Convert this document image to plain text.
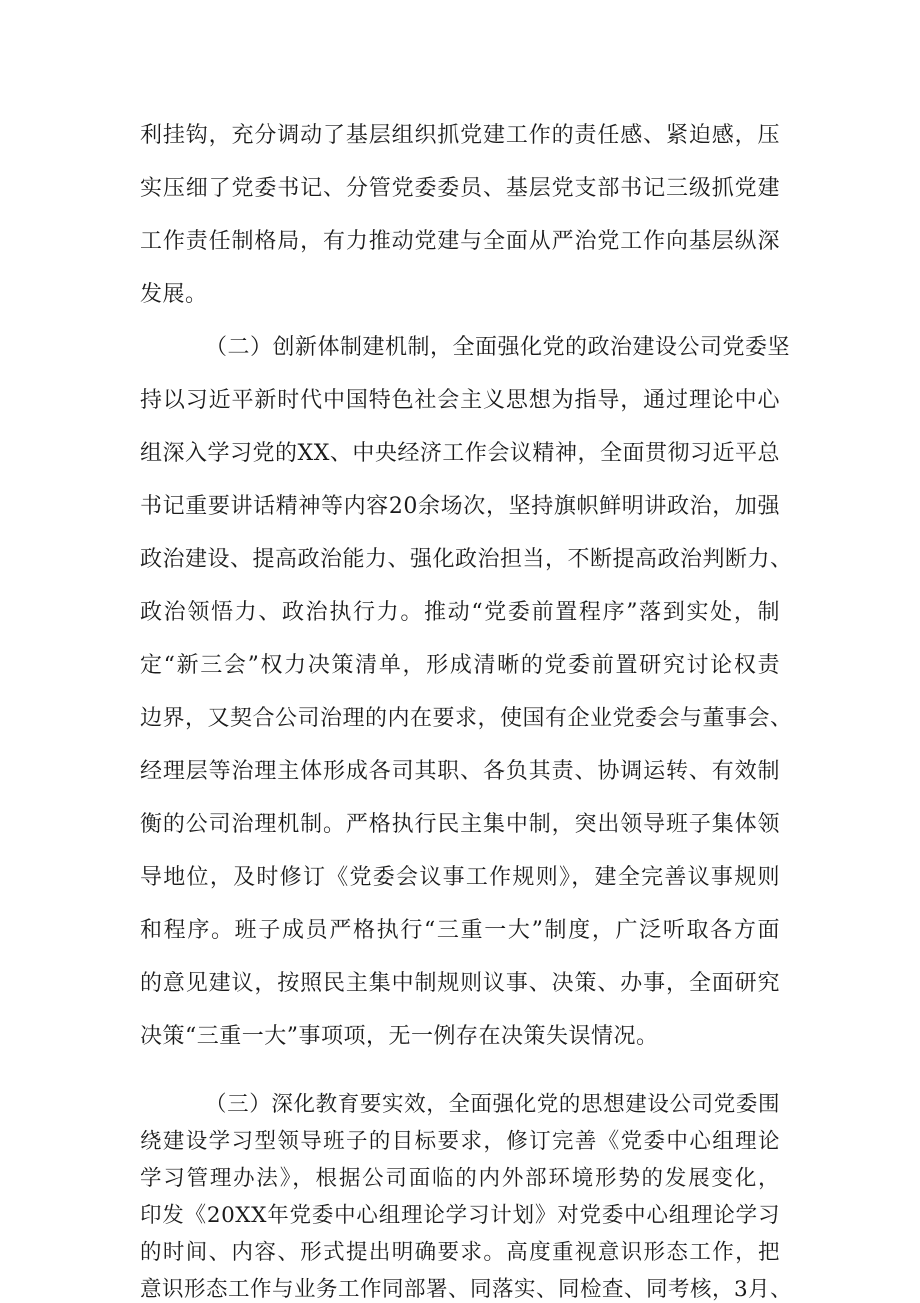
利挂钩，充分调动了基层组织抓党建工作的责任感、紧迫感，压
实压细了党委书记、分管党委委员、基层党支部书记三级抓党建
工作责任制格局，有力推动党建与全面从严治党工作向基层纵深
发展。
（二）创新体制建机制，全面强化党的政治建设公司党委坚
持以习近平新时代中国特色社会主义思想为指导，通过理论中心
组深入学习党的XX、中央经济工作会议精神，全面贯彻习近平总
书记重要讲话精神等内容20余场次，坚持旗帜鲜明讲政治，加强
政治建设、提高政治能力、强化政治担当，不断提高政治判断力、
政治领悟力、政治执行力。推动“党委前置程序”落到实处，制
定“新三会”权力决策清单，形成清晰的党委前置研究讨论权责
边界，又契合公司治理的内在要求，使国有企业党委会与董事会、
经理层等治理主体形成各司其职、各负其责、协调运转、有效制
衡的公司治理机制。严格执行民主集中制，突出领导班子集体领
导地位，及时修订《党委会议事工作规则》，建全完善议事规则
和程序。班子成员严格执行“三重一大”制度，广泛听取各方面
的意见建议，按照民主集中制规则议事、决策、办事，全面研究
决策“三重一大”事项项，无一例存在决策失误情况。
（三）深化教育要实效，全面强化党的思想建设公司党委围
绕建设学习型领导班子的目标要求，修订完善《党委中心组理论
学习管理办法》，根据公司面临的内外部环境形势的发展变化，
印发《20XX年党委中心组理论学习计划》对党委中心组理论学习
的时间、内容、形式提出明确要求。高度重视意识形态工作，把
意识形态工作与业务工作同部署、同落实、同检查、同考核，3月、
